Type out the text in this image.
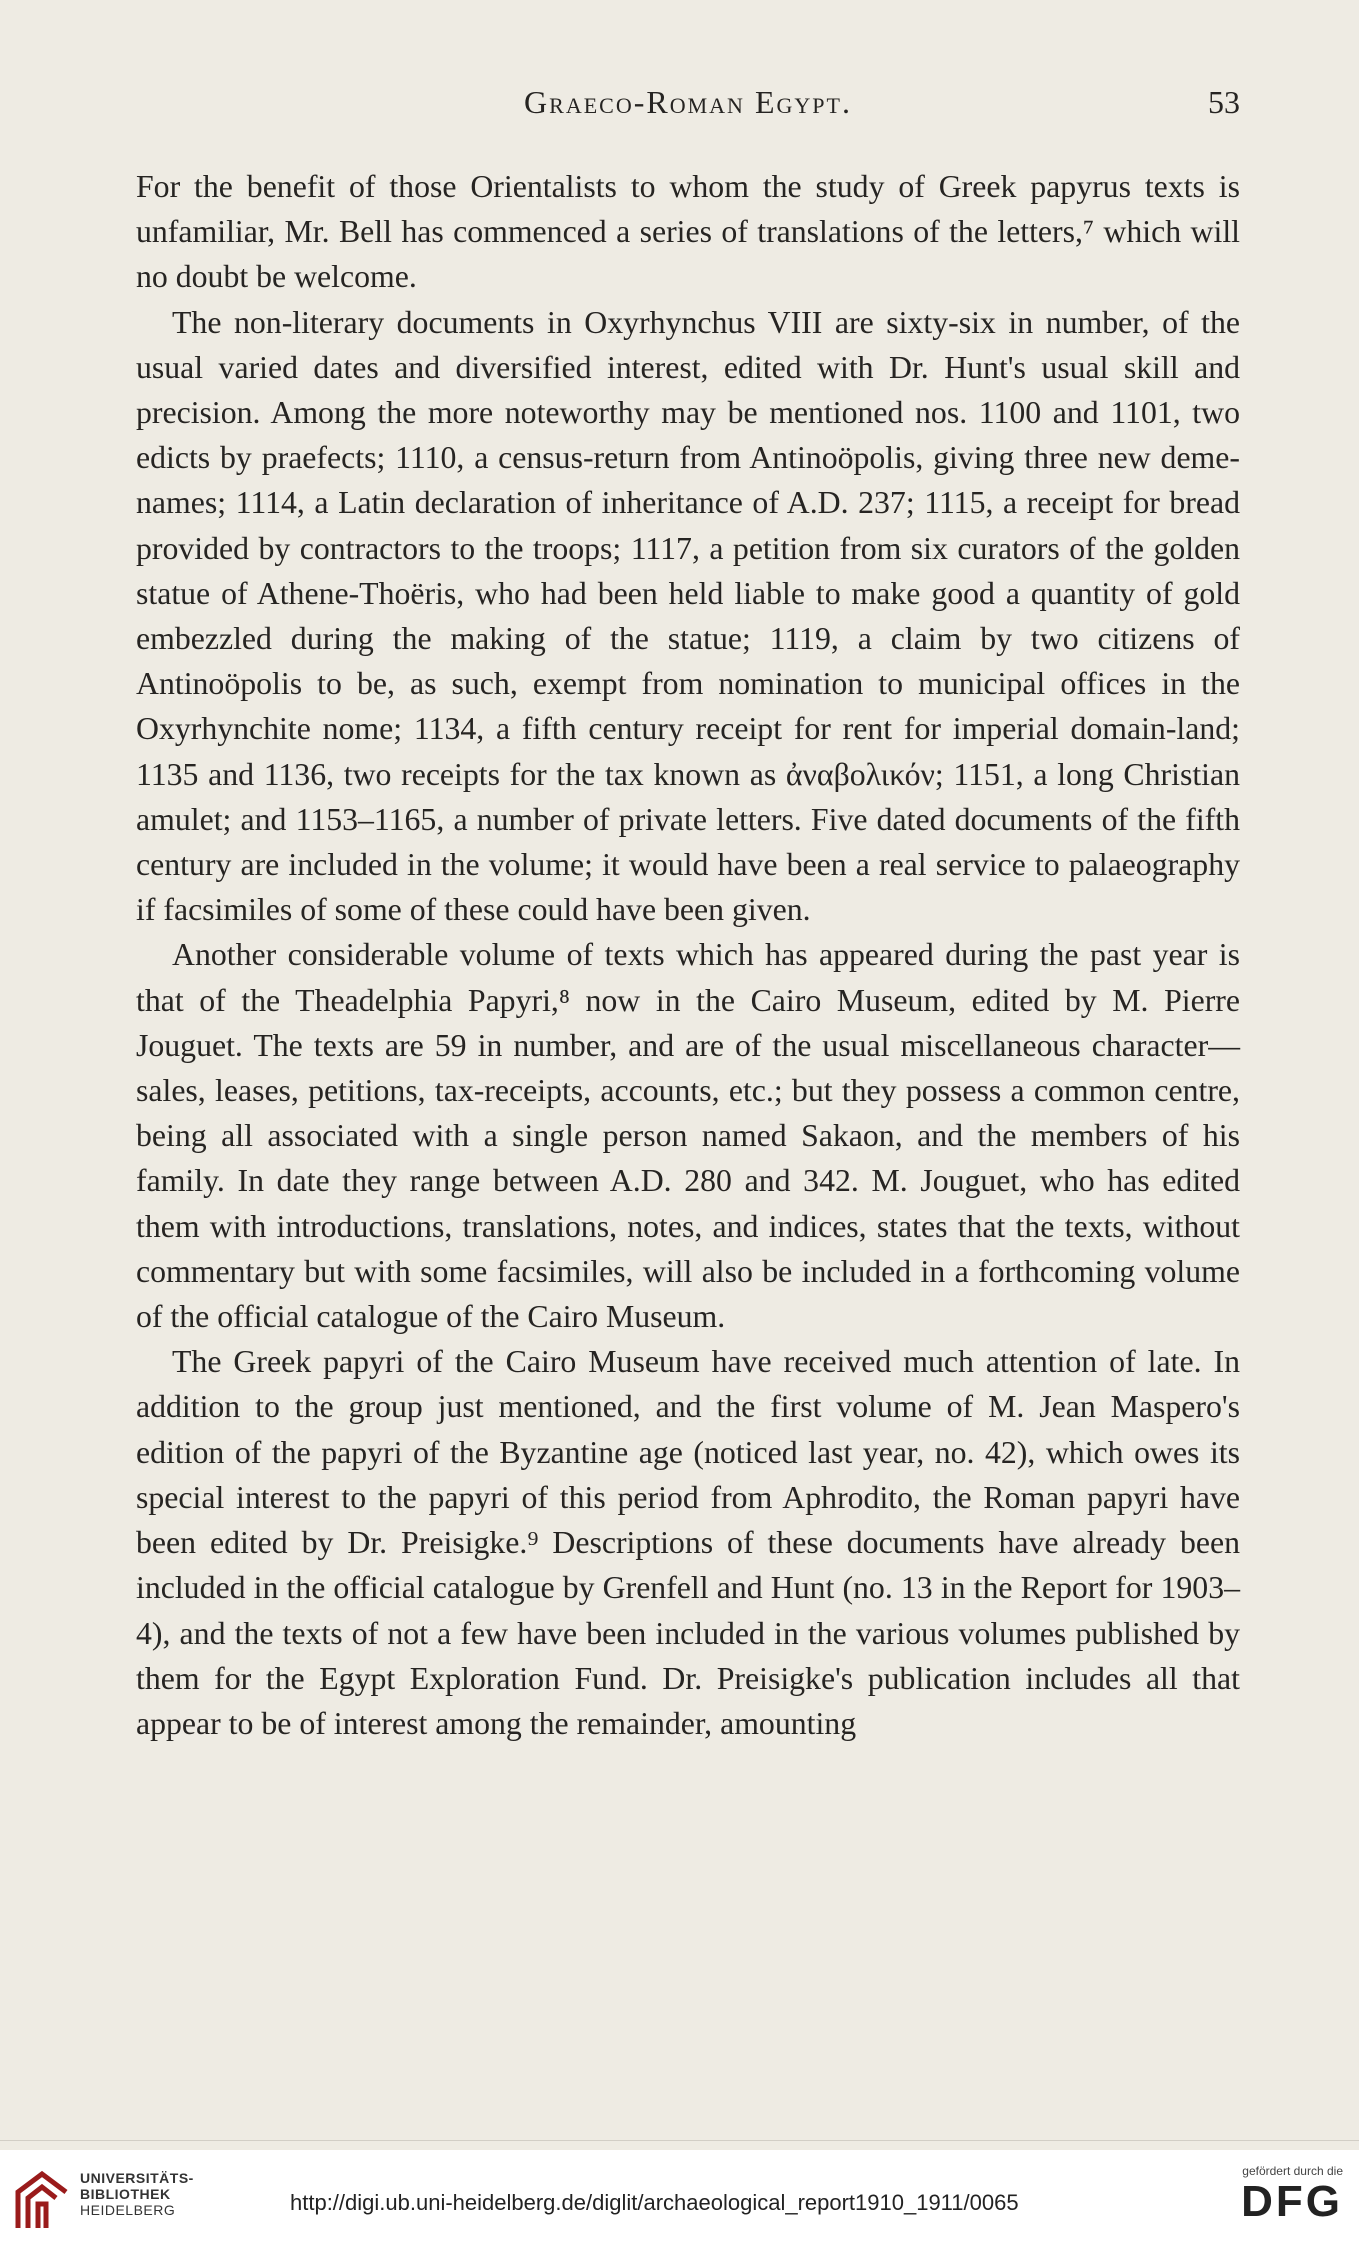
Graeco-Roman Egypt.	53

For the benefit of those Orientalists to whom the study of Greek papyrus texts is unfamiliar, Mr. Bell has commenced a series of translations of the letters,⁷ which will no doubt be welcome.

The non-literary documents in Oxyrhynchus VIII are sixty-six in number, of the usual varied dates and diversified interest, edited with Dr. Hunt's usual skill and precision. Among the more noteworthy may be mentioned nos. 1100 and 1101, two edicts by praefects; 1110, a census-return from Antinoöpolis, giving three new deme-names; 1114, a Latin declaration of inheritance of A.D. 237; 1115, a receipt for bread provided by contractors to the troops; 1117, a petition from six curators of the golden statue of Athene-Thoëris, who had been held liable to make good a quantity of gold embezzled during the making of the statue; 1119, a claim by two citizens of Antinoöpolis to be, as such, exempt from nomination to municipal offices in the Oxyrhynchite nome; 1134, a fifth century receipt for rent for imperial domain-land; 1135 and 1136, two receipts for the tax known as ἀναβολικόν; 1151, a long Christian amulet; and 1153–1165, a number of private letters. Five dated documents of the fifth century are included in the volume; it would have been a real service to palaeography if facsimiles of some of these could have been given.

Another considerable volume of texts which has appeared during the past year is that of the Theadelphia Papyri,⁸ now in the Cairo Museum, edited by M. Pierre Jouguet. The texts are 59 in number, and are of the usual miscellaneous character—sales, leases, petitions, tax-receipts, accounts, etc.; but they possess a common centre, being all associated with a single person named Sakaon, and the members of his family. In date they range between A.D. 280 and 342. M. Jouguet, who has edited them with introductions, translations, notes, and indices, states that the texts, without commentary but with some facsimiles, will also be included in a forthcoming volume of the official catalogue of the Cairo Museum.

The Greek papyri of the Cairo Museum have received much attention of late. In addition to the group just mentioned, and the first volume of M. Jean Maspero's edition of the papyri of the Byzantine age (noticed last year, no. 42), which owes its special interest to the papyri of this period from Aphrodito, the Roman papyri have been edited by Dr. Preisigke.⁹ Descriptions of these documents have already been included in the official catalogue by Grenfell and Hunt (no. 13 in the Report for 1903–4), and the texts of not a few have been included in the various volumes published by them for the Egypt Exploration Fund. Dr. Preisigke's publication includes all that appear to be of interest among the remainder, amounting

UNIVERSITÄTS-
BIBLIOTHEK
HEIDELBERG	http://digi.ub.uni-heidelberg.de/diglit/archaeological_report1910_1911/0065
gefördert durch die
DFG
